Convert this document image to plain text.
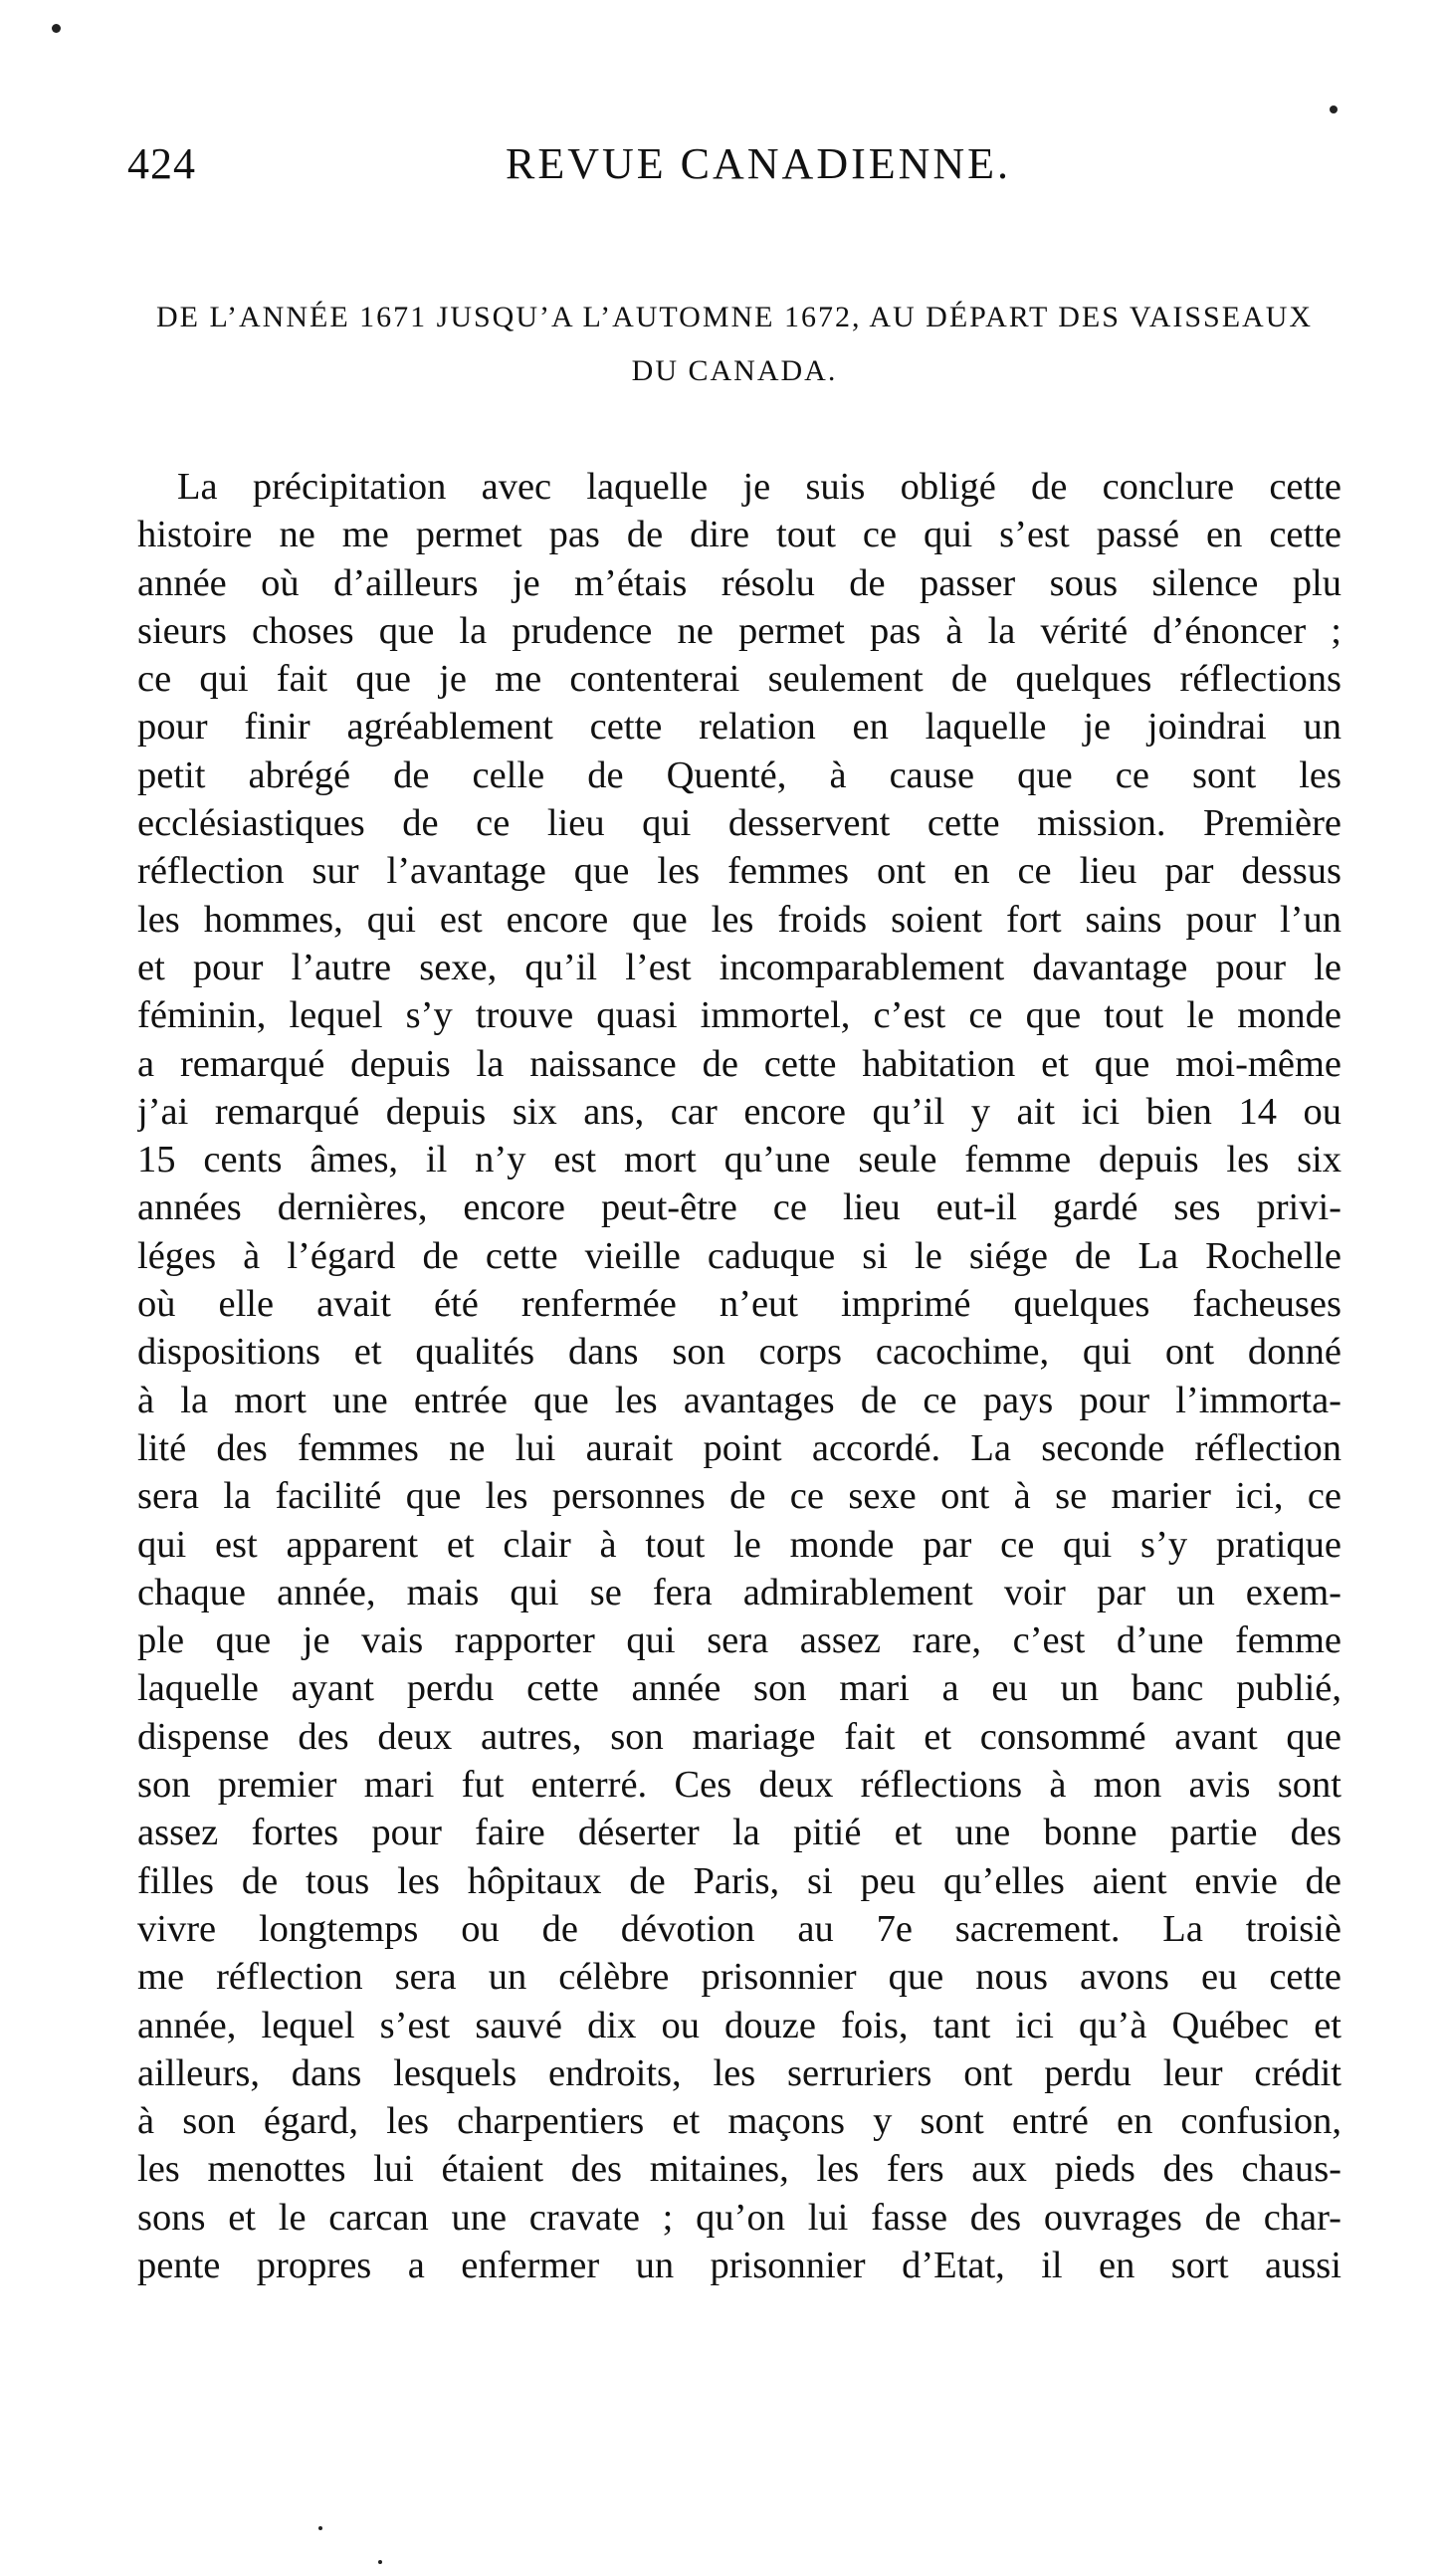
424	REVUE CANADIENNE.
DE L’ANNÉE 1671 JUSQU’A L’AUTOMNE 1672, AU DÉPART DES VAISSEAUX
DU CANADA.
La précipitation avec laquelle je suis obligé de conclure cette
histoire ne me permet pas de dire tout ce qui s’est passé en cette
année où d’ailleurs je m’étais résolu de passer sous silence plu
sieurs choses que la prudence ne permet pas à la vérité d’énoncer ;
ce qui fait que je me contenterai seulement de quelques réflections
pour finir agréablement cette relation en laquelle je joindrai un
petit abrégé de celle de Quenté, à cause que ce sont les
ecclésiastiques de ce lieu qui desservent cette mission. Première
réflection sur l’avantage que les femmes ont en ce lieu par dessus
les hommes, qui est encore que les froids soient fort sains pour l’un
et pour l’autre sexe, qu’il l’est incomparablement davantage pour le
féminin, lequel s’y trouve quasi immortel, c’est ce que tout le monde
a remarqué depuis la naissance de cette habitation et que moi-même
j’ai remarqué depuis six ans, car encore qu’il y ait ici bien 14 ou
15 cents âmes, il n’y est mort qu’une seule femme depuis les six
années dernières, encore peut-être ce lieu eut-il gardé ses privi-
léges à l’égard de cette vieille caduque si le siége de La Rochelle
où elle avait été renfermée n’eut imprimé quelques facheuses
dispositions et qualités dans son corps cacochime, qui ont donné
à la mort une entrée que les avantages de ce pays pour l’immorta-
lité des femmes ne lui aurait point accordé. La seconde réflection
sera la facilité que les personnes de ce sexe ont à se marier ici, ce
qui est apparent et clair à tout le monde par ce qui s’y pratique
chaque année, mais qui se fera admirablement voir par un exem-
ple que je vais rapporter qui sera assez rare, c’est d’une femme
laquelle ayant perdu cette année son mari a eu un banc publié,
dispense des deux autres, son mariage fait et consommé avant que
son premier mari fut enterré. Ces deux réflections à mon avis sont
assez fortes pour faire déserter la pitié et une bonne partie des
filles de tous les hôpitaux de Paris, si peu qu’elles aient envie de
vivre longtemps ou de dévotion au 7e sacrement. La troisiè
me réflection sera un célèbre prisonnier que nous avons eu cette
année, lequel s’est sauvé dix ou douze fois, tant ici qu’à Québec et
ailleurs, dans lesquels endroits, les serruriers ont perdu leur crédit
à son égard, les charpentiers et maçons y sont entré en confusion,
les menottes lui étaient des mitaines, les fers aux pieds des chaus-
sons et le carcan une cravate ; qu’on lui fasse des ouvrages de char-
pente propres a enfermer un prisonnier d’Etat, il en sort aussi
